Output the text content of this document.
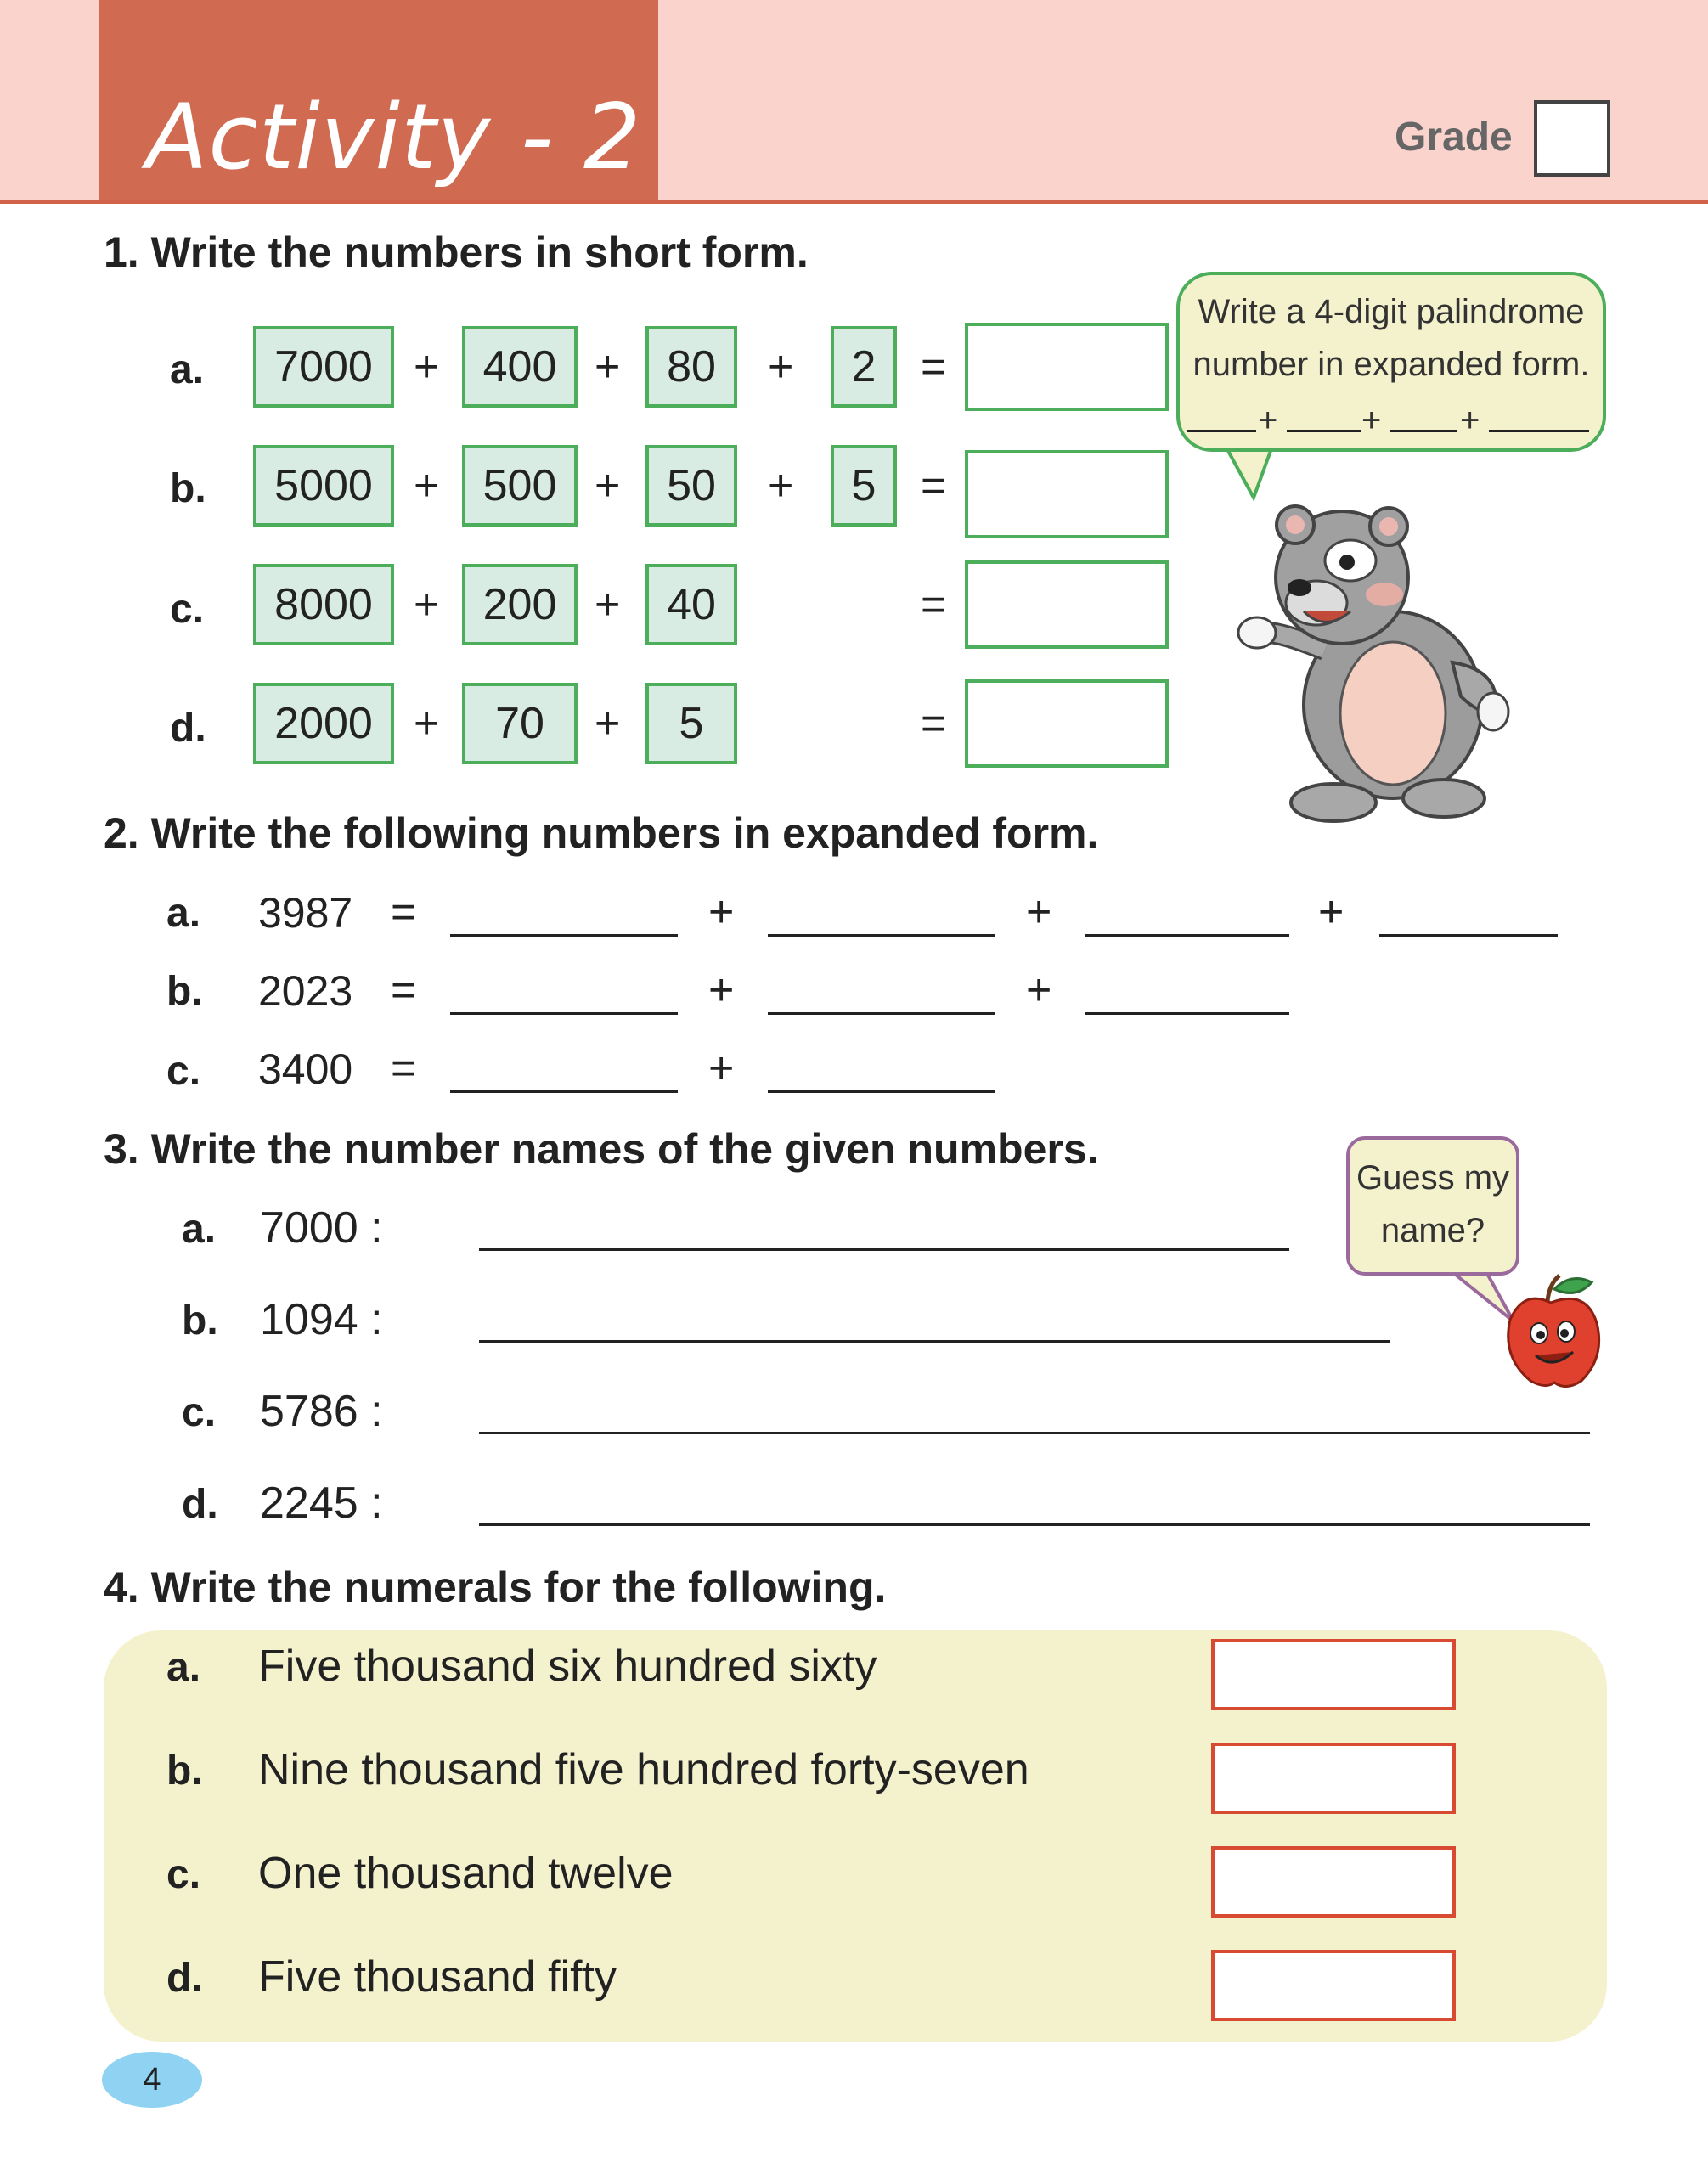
Activity - 2	Grade
1. Write the numbers in short form.
a.	7000 + 400 +	80	+	2	=
b.	5000 + 500 +	50	+	5	=
c.	8000 + 200 +	40	=
d.	2000 +	70	+	5	=
Write a 4-digit palindrome
number in expanded form.
+ + +
2. Write the following numbers in expanded form.
a. 3987 =	+	+	+
b. 2023 =	+	+
c. 3400 =	+
3. Write the number names of the given numbers.
a. 7000 :
b. 1094 :
c. 5786 :
d. 2245 :
Guess my
name?
4. Write the numerals for the following.
a. Five thousand six hundred sixty
b. Nine thousand five hundred forty-seven
c. One thousand twelve
d. Five thousand fifty
4
